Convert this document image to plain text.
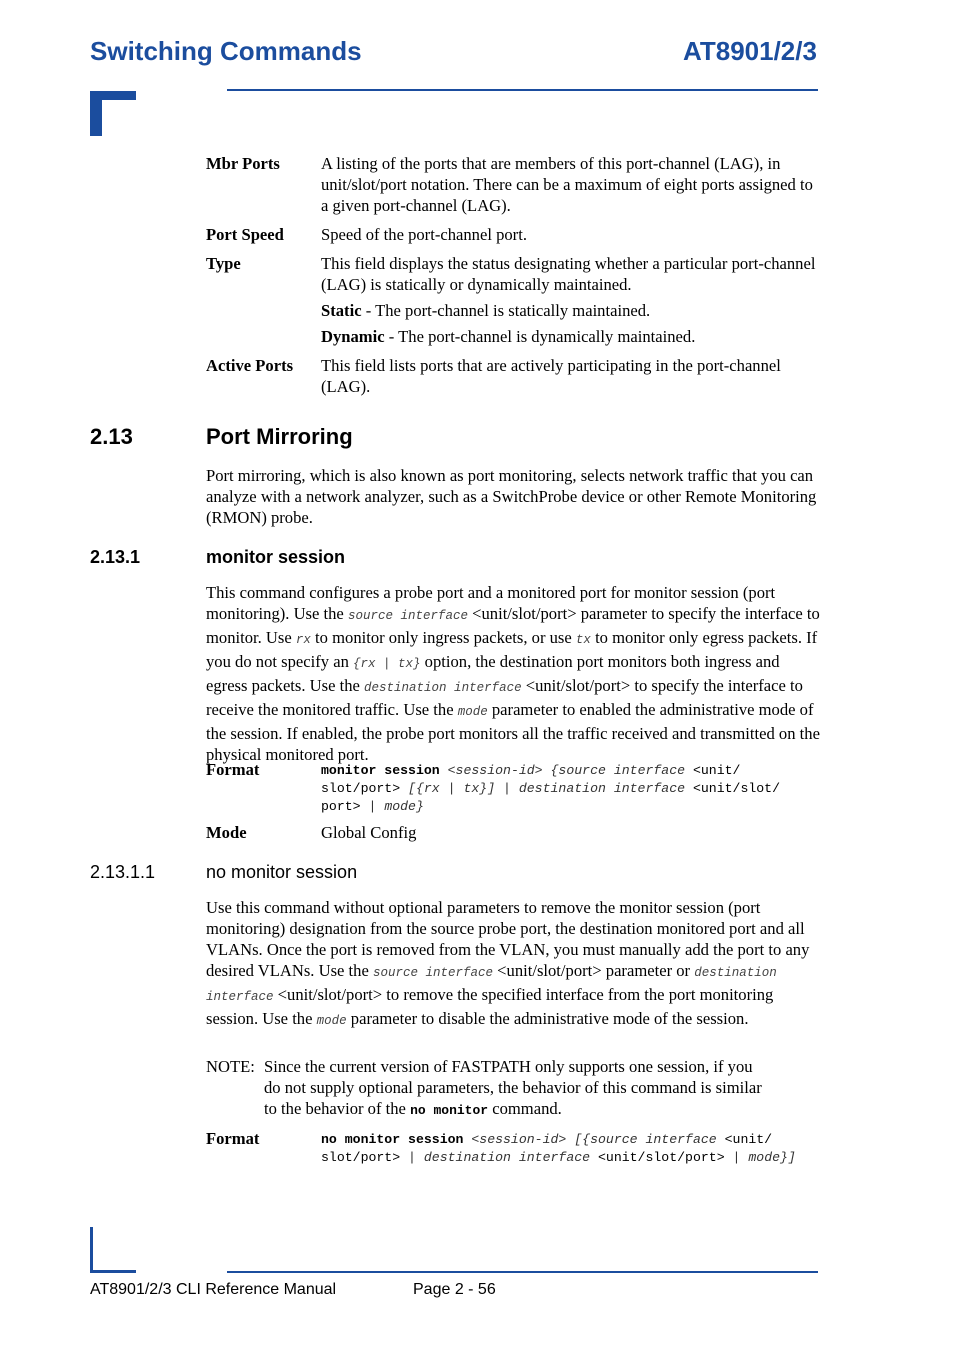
Switching Commands	AT8901/2/3
Mbr Ports	A listing of the ports that are members of this port-channel (LAG), in unit/slot/port notation. There can be a maximum of eight ports assigned to a given port-channel (LAG).

Port Speed	Speed of the port-channel port.

Type	This field displays the status designating whether a particular port-channel (LAG) is statically or dynamically maintained.

Static - The port-channel is statically maintained.

Dynamic - The port-channel is dynamically maintained.

Active Ports	This field lists ports that are actively participating in the port-channel (LAG).

2.13	Port Mirroring
Port mirroring, which is also known as port monitoring, selects network traffic that you can analyze with a network analyzer, such as a SwitchProbe device or other Remote Monitoring (RMON) probe.
2.13.1	monitor session
This command configures a probe port and a monitored port for monitor session (port monitoring). Use the source interface <unit/slot/port> parameter to specify the interface to monitor. Use rx to monitor only ingress packets, or use tx to monitor only egress packets. If you do not specify an {rx | tx} option, the destination port monitors both ingress and egress packets. Use the destination interface <unit/slot/port> to specify the interface to receive the monitored traffic. Use the mode parameter to enabled the administrative mode of the session. If enabled, the probe port monitors all the traffic received and transmitted on the physical monitored port.
Format	monitor session <session-id> {source interface <unit/ slot/port> [{rx | tx}] | destination interface <unit/slot/ port> | mode}
Mode	Global Config
2.13.1.1	no monitor session
Use this command without optional parameters to remove the monitor session (port monitoring) designation from the source probe port, the destination monitored port and all VLANs. Once the port is removed from the VLAN, you must manually add the port to any desired VLANs. Use the source interface <unit/slot/port> parameter or destination interface <unit/slot/port> to remove the specified interface from the port monitoring session. Use the mode parameter to disable the administrative mode of the session.
NOTE: Since the current version of FASTPATH only supports one session, if you do not supply optional parameters, the behavior of this command is similar to the behavior of the no monitor command.
Format	no monitor session <session-id> [{source interface <unit/ slot/port> | destination interface <unit/slot/port> | mode}]
AT8901/2/3 CLI Reference Manual	Page 2 - 56
